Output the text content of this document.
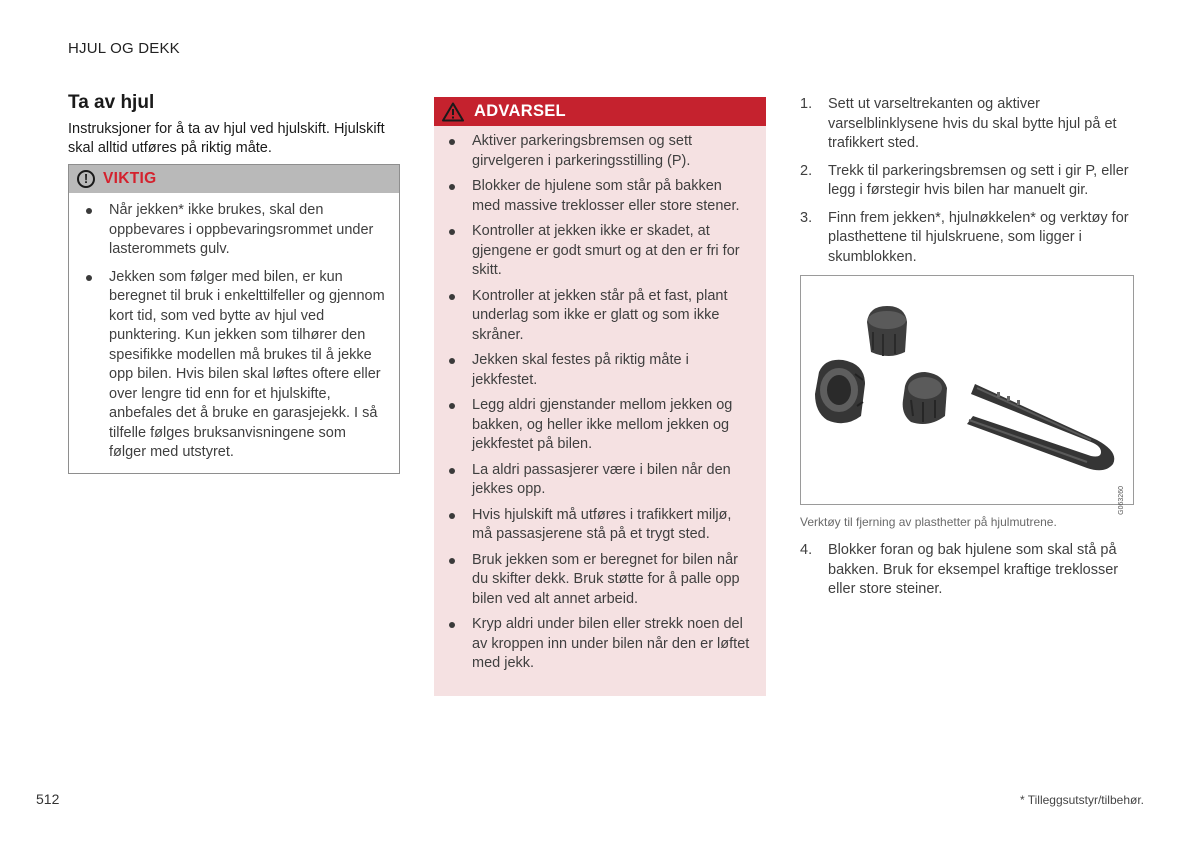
HJUL OG DEKK
Ta av hjul

Instruksjoner for å ta av hjul ved hjulskift. Hjulskift skal alltid utføres på riktig måte.

! VIKTIG
Når jekken* ikke brukes, skal den oppbevares i oppbevaringsrommet under lasterommets gulv.
Jekken som følger med bilen, er kun beregnet til bruk i enkelttilfeller og gjennom kort tid, som ved bytte av hjul ved punktering. Kun jekken som tilhører den spesifikke modellen må brukes til å jekke opp bilen. Hvis bilen skal løftes oftere eller over lengre tid enn for et hjulskifte, anbefales det å bruke en garasjejekk. I så tilfelle følges bruksanvisningene som følger med utstyret.
ADVARSEL
Aktiver parkeringsbremsen og sett girvelgeren i parkeringsstilling (P).
Blokker de hjulene som står på bakken med massive treklosser eller store stener.
Kontroller at jekken ikke er skadet, at gjengene er godt smurt og at den er fri for skitt.
Kontroller at jekken står på et fast, plant underlag som ikke er glatt og som ikke skråner.
Jekken skal festes på riktig måte i jekkfestet.
Legg aldri gjenstander mellom jekken og bakken, og heller ikke mellom jekken og jekkfestet på bilen.
La aldri passasjerer være i bilen når den jekkes opp.
Hvis hjulskift må utføres i trafikkert miljø, må passasjerene stå på et trygt sted.
Bruk jekken som er beregnet for bilen når du skifter dekk. Bruk støtte for å palle opp bilen ved alt annet arbeid.
Kryp aldri under bilen eller strekk noen del av kroppen inn under bilen når den er løftet med jekk.
1. Sett ut varseltrekanten og aktiver varselblinklysene hvis du skal bytte hjul på et trafikkert sted.
2. Trekk til parkeringsbremsen og sett i gir P, eller legg i førstegir hvis bilen har manuelt gir.
3. Finn frem jekken*, hjulnøkkelen* og verktøy for plasthettene til hjulskruene, som ligger i skumblokken.
G063260

Verktøy til fjerning av plasthetter på hjulmutrene.

4. Blokker foran og bak hjulene som skal stå på bakken. Bruk for eksempel kraftige treklosser eller store steiner.
512	* Tilleggsutstyr/tilbehør.
